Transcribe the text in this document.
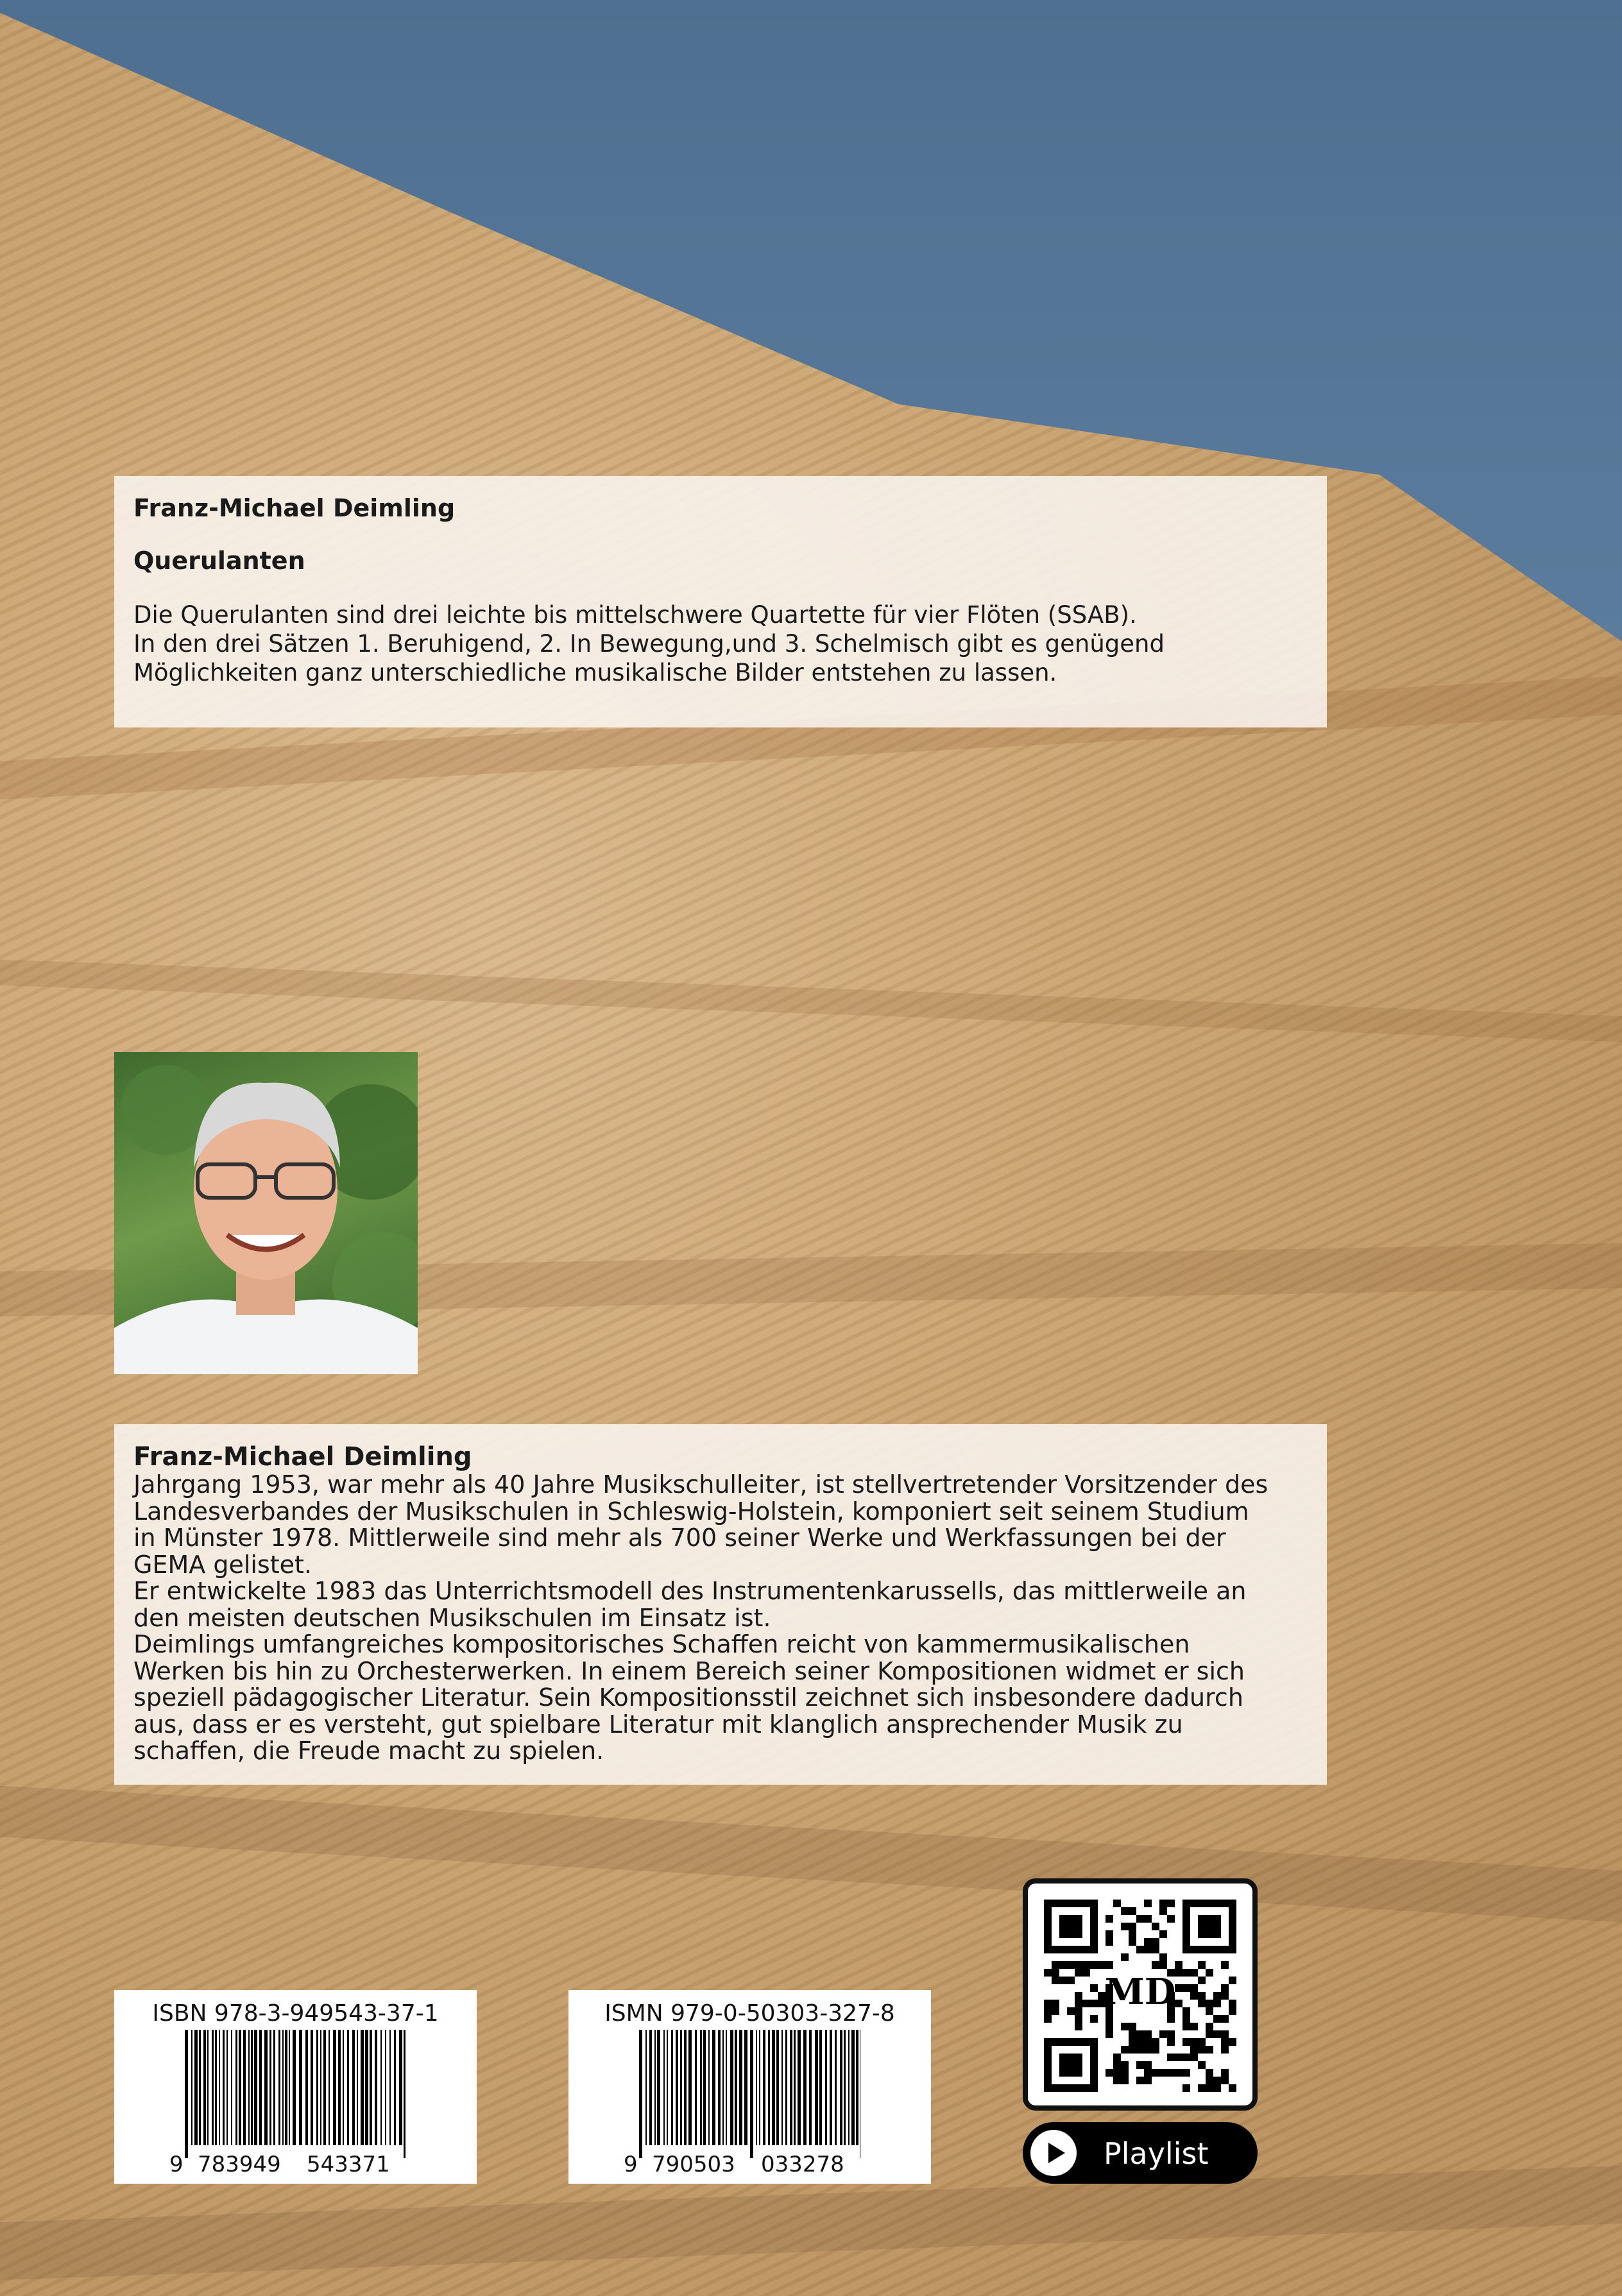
Franz-Michael Deimling
Querulanten
Die Querulanten sind drei leichte bis mittelschwere Quartette für vier Flöten (SSAB).
In den drei Sätzen 1. Beruhigend, 2. In Bewegung,und 3. Schelmisch gibt es genügend
Möglichkeiten ganz unterschiedliche musikalische Bilder entstehen zu lassen.
Franz-Michael Deimling
Jahrgang 1953, war mehr als 40 Jahre Musikschulleiter, ist stellvertretender Vorsitzender des
Landesverbandes der Musikschulen in Schleswig-Holstein, komponiert seit seinem Studium
in Münster 1978. Mittlerweile sind mehr als 700 seiner Werke und Werkfassungen bei der
GEMA gelistet.
Er entwickelte 1983 das Unterrichtsmodell des Instrumentenkarussells, das mittlerweile an
den meisten deutschen Musikschulen im Einsatz ist.
Deimlings umfangreiches kompositorisches Schaffen reicht von kammermusikalischen
Werken bis hin zu Orchesterwerken. In einem Bereich seiner Kompositionen widmet er sich
speziell pädagogischer Literatur. Sein Kompositionsstil zeichnet sich insbesondere dadurch
aus, dass er es versteht, gut spielbare Literatur mit klanglich ansprechender Musik zu
schaffen, die Freude macht zu spielen.
ISBN 978-3-949543-37-1
9 783949 543371
ISMN 979-0-50303-327-8
9 790503 033278
MD
Playlist
